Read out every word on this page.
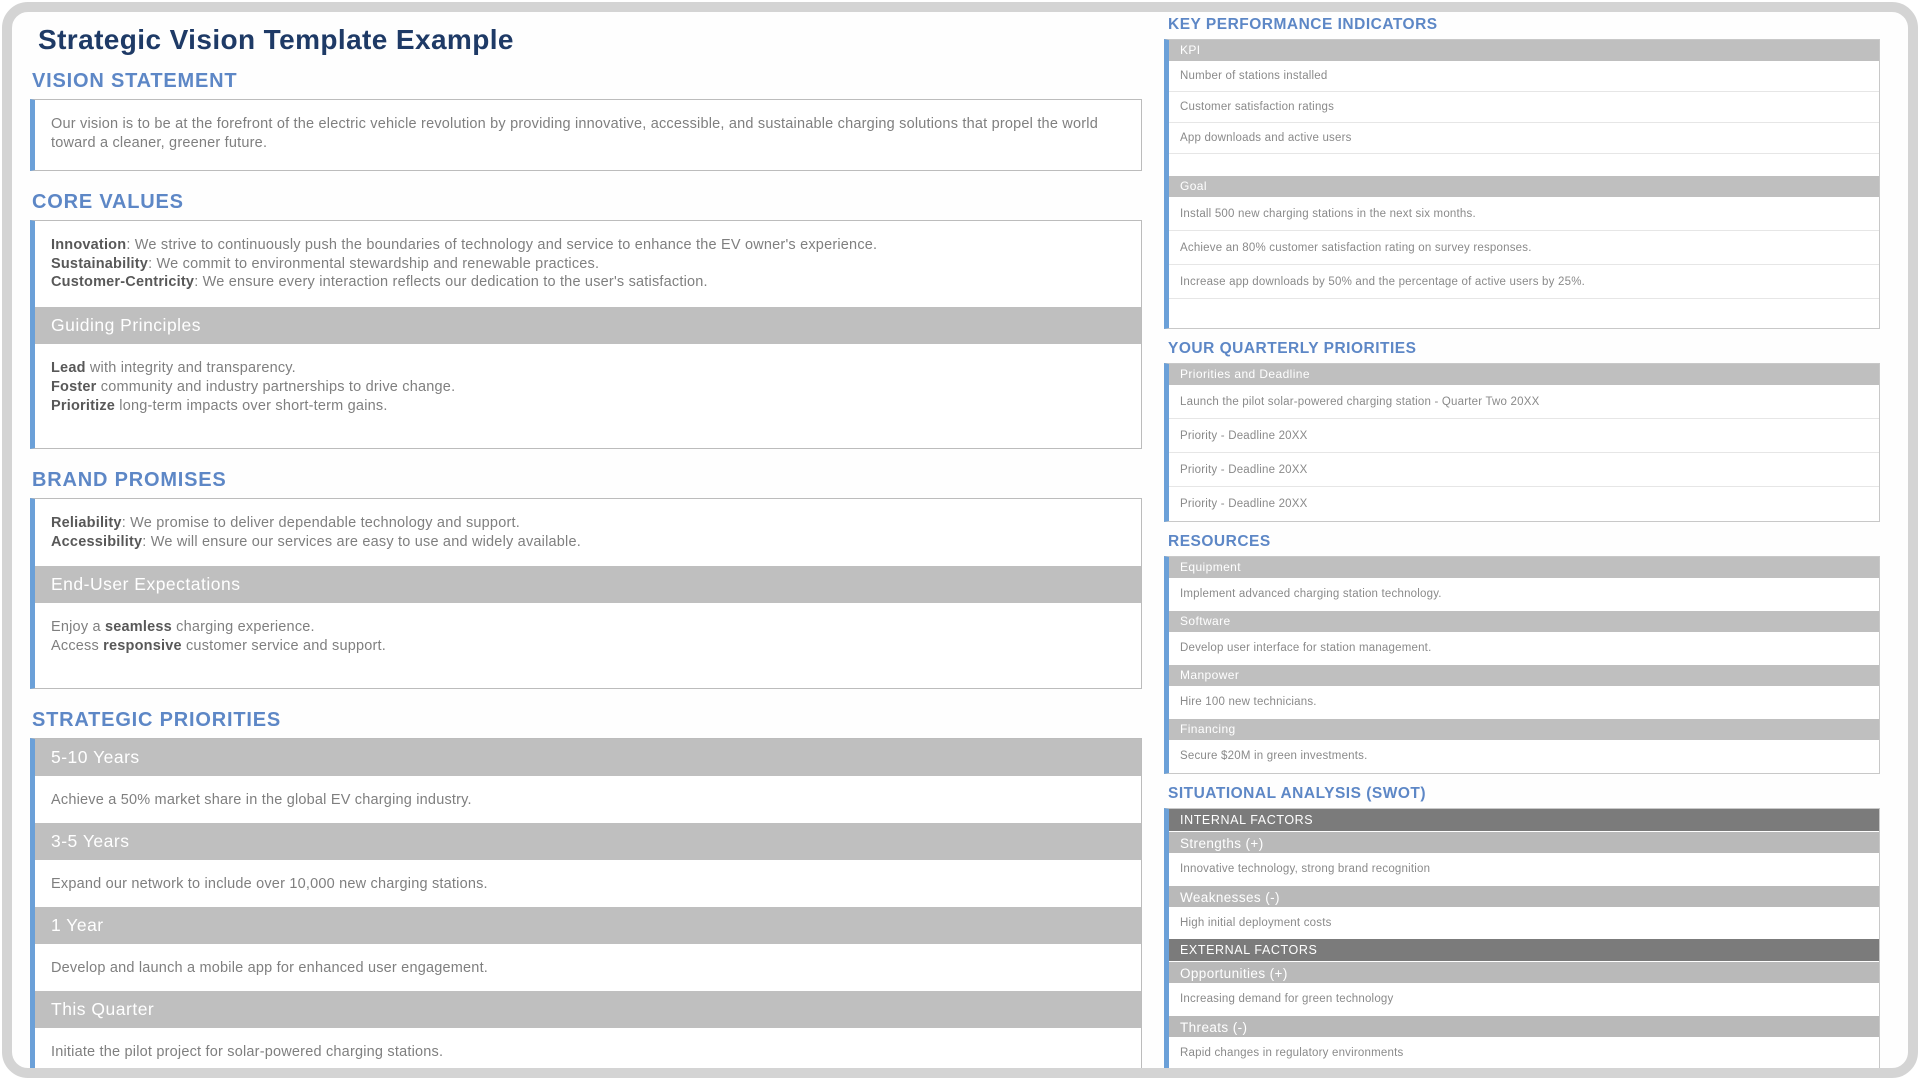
Strategic Vision Template Example
VISION STATEMENT
Our vision is to be at the forefront of the electric vehicle revolution by providing innovative, accessible, and sustainable charging solutions that propel the world toward a cleaner, greener future.
CORE VALUES
Innovation: We strive to continuously push the boundaries of technology and service to enhance the EV owner's experience.
Sustainability: We commit to environmental stewardship and renewable practices.
Customer-Centricity: We ensure every interaction reflects our dedication to the user's satisfaction.
Guiding Principles
Lead with integrity and transparency.
Foster community and industry partnerships to drive change.
Prioritize long-term impacts over short-term gains.
BRAND PROMISES
Reliability: We promise to deliver dependable technology and support.
Accessibility: We will ensure our services are easy to use and widely available.
End-User Expectations
Enjoy a seamless charging experience.
Access responsive customer service and support.
STRATEGIC PRIORITIES
5-10 Years
Achieve a 50% market share in the global EV charging industry.
3-5 Years
Expand our network to include over 10,000 new charging stations.
1 Year
Develop and launch a mobile app for enhanced user engagement.
This Quarter
Initiate the pilot project for solar-powered charging stations.
KEY PERFORMANCE INDICATORS
KPI
Number of stations installed
Customer satisfaction ratings
App downloads and active users
Goal
Install 500 new charging stations in the next six months.
Achieve an 80% customer satisfaction rating on survey responses.
Increase app downloads by 50% and the percentage of active users by 25%.
YOUR QUARTERLY PRIORITIES
Priorities and Deadline
Launch the pilot solar-powered charging station - Quarter Two 20XX
Priority - Deadline 20XX
Priority - Deadline 20XX
Priority - Deadline 20XX
RESOURCES
Equipment
Implement advanced charging station technology.
Software
Develop user interface for station management.
Manpower
Hire 100 new technicians.
Financing
Secure $20M in green investments.
SITUATIONAL ANALYSIS (SWOT)
INTERNAL FACTORS
Strengths (+)
Innovative technology, strong brand recognition
Weaknesses (-)
High initial deployment costs
EXTERNAL FACTORS
Opportunities (+)
Increasing demand for green technology
Threats (-)
Rapid changes in regulatory environments
